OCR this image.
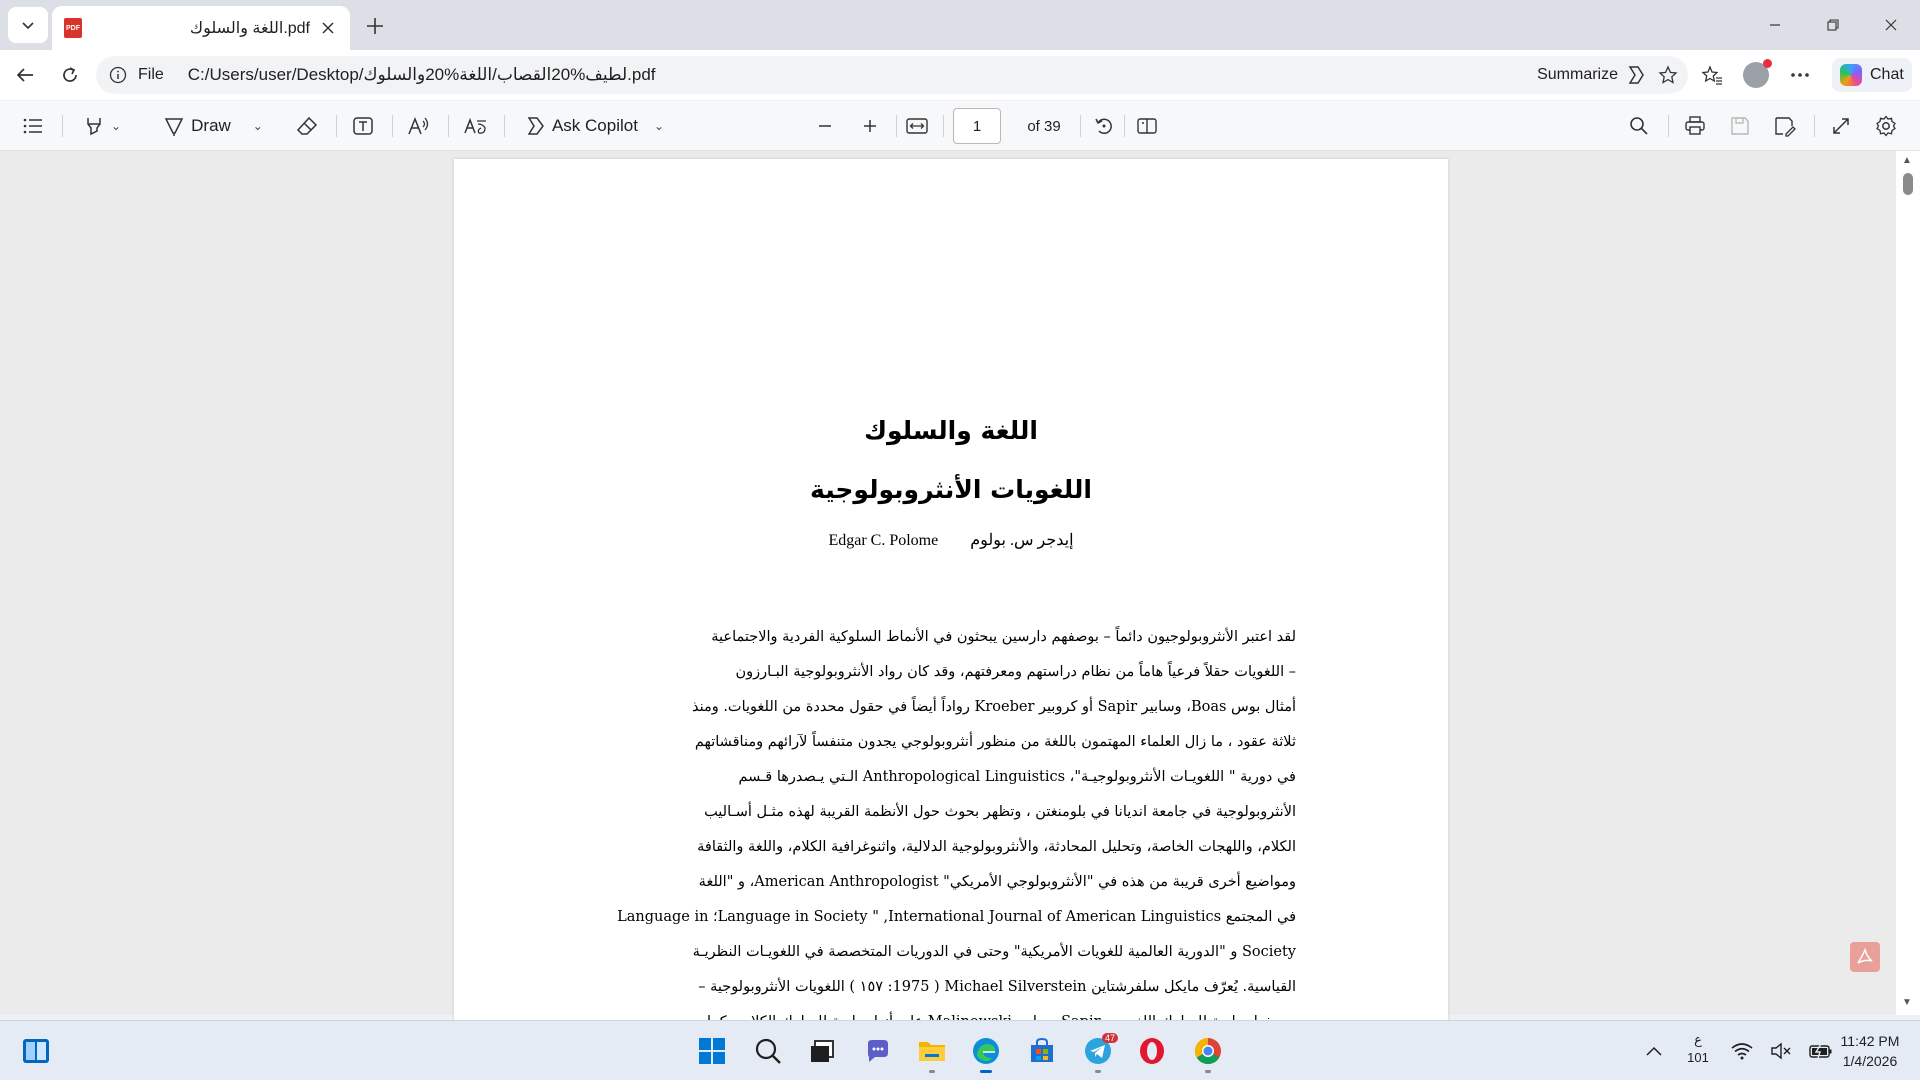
PDF	اللغة والسلوك.pdf
File C:/Users/user/Desktop/لطيف%20القصاب/اللغة%20والسلوك.pdf	Summarize	Chat
⌄	Draw ⌄	Ask Copilot ⌄	1	of 39
اللغة والسلوك
اللغويات الأنثروبولوجية
Edgar C. Polome إيدجر س. بولوم
لقد اعتبر الأنثروبولوجيون دائماً – بوصفهم دارسين يبحثون في الأنماط السلوكية الفردية والاجتماعية
– اللغويات حقلاً فرعياً هاماً من نظام دراستهم ومعرفتهم، وقد كان رواد الأنثروبولوجية البـارزون
أمثال بوس Boas، وسابير Sapir أو كروبير Kroeber رواداً أيضاً في حقول محددة من اللغويات. ومنذ
ثلاثة عقود ، ما زال العلماء المهتمون باللغة من منظور أنثروبولوجي يجدون متنفساً لآرائهم ومناقشاتهم
في دورية " اللغويـات الأنثروبولوجيـة"، Anthropological Linguistics الـتي يـصدرها قـسم
الأنثروبولوجية في جامعة انديانا في بلومنغتن ، وتظهر بحوث حول الأنظمة القريبة لهذه مثـل أسـاليب
الكلام، واللهجات الخاصة، وتحليل المحادثة، والأنثروبولوجية الدلالية، واثنوغرافية الكلام، واللغة والثقافة
ومواضيع أخرى قريبة من هذه في "الأنثروبولوجي الأمريكي" American Anthropologist، و "اللغة
في المجتمع Language in Society " ,International Journal of American Linguistics؛ Language in
Society و "الدورية العالمية للغويات الأمريكية" وحتى في الدوريات المتخصصة في اللغويـات النظريـة
القياسية. يُعرّف مايكل سلفرشتاين Michael Silverstein ( 1975: ١٥٧ ) اللغويات الأنثروبولوجية –
▲
▼
47	ع
101
11:42 PM
1/4/2026
